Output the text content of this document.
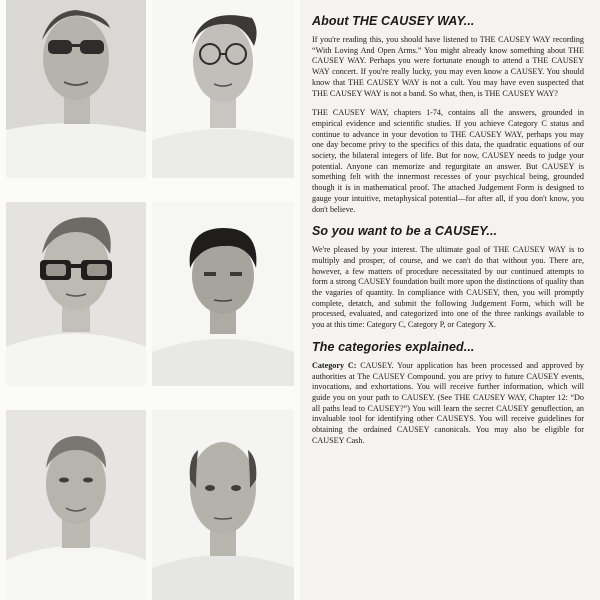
About THE CAUSEY WAY...

If you're reading this, you should have listened to THE CAUSEY WAY recording “With Loving And Open Arms.” You might already know something about THE CAUSEY WAY. Perhaps you were fortunate enough to attend a THE CAUSEY WAY concert. If you're really lucky, you may even know a CAUSEY. You should know that THE CAUSEY WAY is not a cult. You may have even suspected that THE CAUSEY WAY is not a band. So what, then, is THE CAUSEY WAY?

THE CAUSEY WAY, chapters 1-74, contains all the answers, grounded in empirical evidence and scientific studies. If you achieve Category C status and continue to advance in your devotion to THE CAUSEY WAY, perhaps you may one day become privy to the specifics of this data, the quadratic equations of our society, the bilateral integers of life. But for now, CAUSEY needs to judge your potential. Anyone can memorize and regurgitate an answer. But CAUSEY is something felt with the innermost recesses of your psychical being, grounded though it is in mathematical proof. The attached Judgement Form is designed to gauge your intuitive, metaphysical potential—for after all, if you don't know, you don't believe.

So you want to be a CAUSEY...

We're pleased by your interest. The ultimate goal of THE CAUSEY WAY is to multiply and prosper, of course, and we can't do that without you. There are, however, a few matters of procedure necessitated by our continued attempts to form a strong CAUSEY foundation built more upon the distinctions of quality than the vagaries of quantity. In compliance with CAUSEY, then, you will promptly complete, detatch, and submit the following Judgement Form, which will be processed, evaluated, and categorized into one of the three rankings available to you at this time: Category C, Category P, or Category X.

The categories explained...

Category C: CAUSEY. Your application has been processed and approved by authorities at The CAUSEY Compound. you are privy to future CAUSEY events, invocations, and exhortations. You will receive further information, which will guide you on your path to CAUSEY. (See THE CAUSEY WAY, Chapter 12: “Do all paths lead to CAUSEY?”) You will learn the secret CAUSEY genuflection, an invaluable tool for identifying other CAUSEYS. You will receive guidelines for obtaining the ordained CAUSEY canonicals. You may also be eligible for CAUSEY Cash.
